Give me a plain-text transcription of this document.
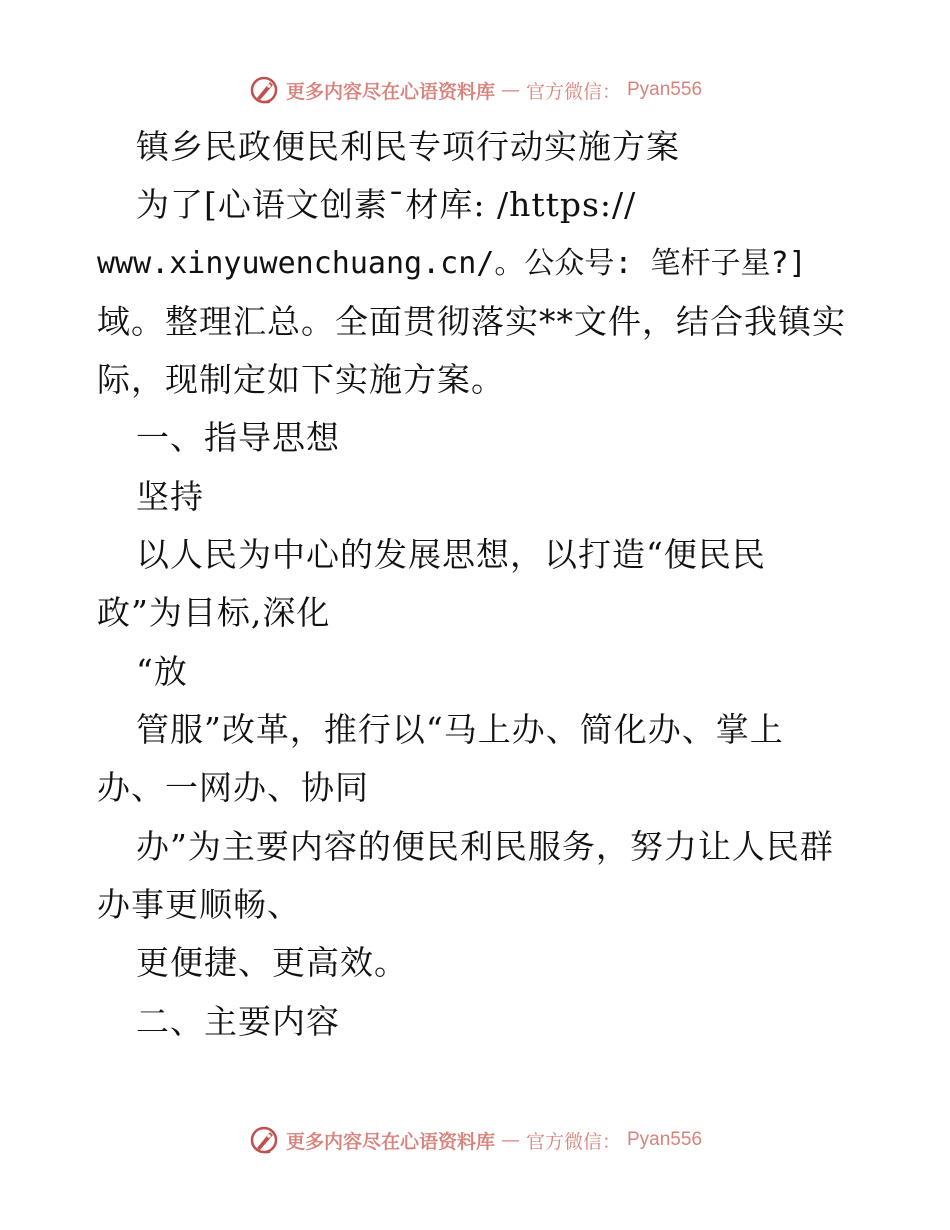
更多内容尽在心语资料库 — 官方微信： Pyan556
镇乡民政便民利民专项行动实施方案
为了[心语文创素¯材库: /https://
www.xinyuwenchuang.cn/。公众号: 笔杆子星?]
域。整理汇总。全面贯彻落实**文件，结合我镇实
际，现制定如下实施方案。
一、指导思想
坚持
以人民为中心的发展思想，以打造“便民民
政”为目标,深化
“放
管服”改革，推行以“马上办、简化办、掌上
办、一网办、协同
办”为主要内容的便民利民服务，努力让人民群
办事更顺畅、
更便捷、更高效。
二、主要内容
更多内容尽在心语资料库 — 官方微信： Pyan556
